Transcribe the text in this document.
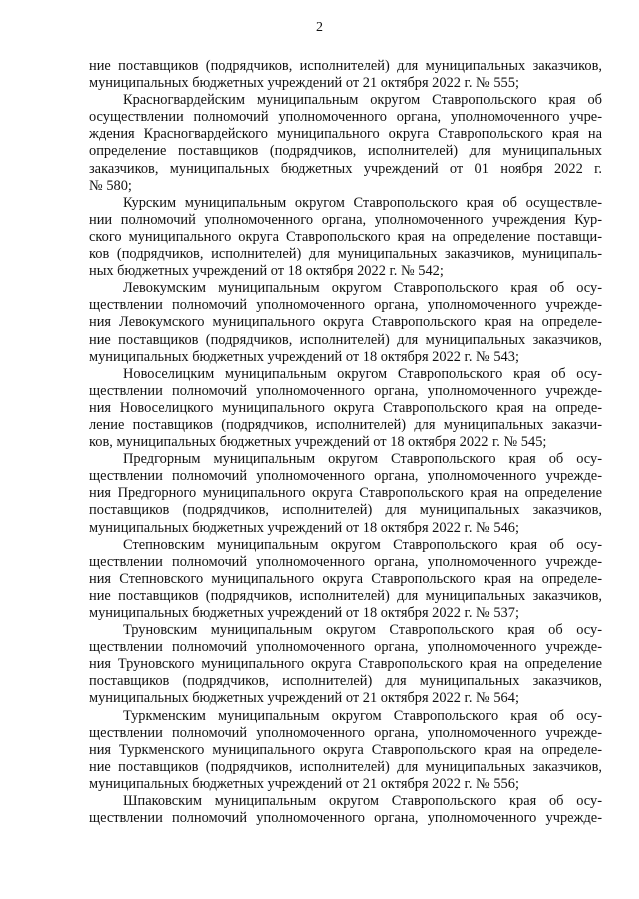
2
ние поставщиков (подрядчиков, исполнителей) для муниципальных заказчиков,
муниципальных бюджетных учреждений от 21 октября 2022 г. № 555;
Красногвардейским муниципальным округом Ставропольского края об
осуществлении полномочий уполномоченного органа, уполномоченного учре-
ждения Красногвардейского муниципального округа Ставропольского края на
определение поставщиков (подрядчиков, исполнителей) для муниципальных
заказчиков, муниципальных бюджетных учреждений от 01 ноября 2022 г.
№ 580;
Курским муниципальным округом Ставропольского края об осуществле-
нии полномочий уполномоченного органа, уполномоченного учреждения Кур-
ского муниципального округа Ставропольского края на определение поставщи-
ков (подрядчиков, исполнителей) для муниципальных заказчиков, муниципаль-
ных бюджетных учреждений от 18 октября 2022 г. № 542;
Левокумским муниципальным округом Ставропольского края об осу-
ществлении полномочий уполномоченного органа, уполномоченного учрежде-
ния Левокумского муниципального округа Ставропольского края на определе-
ние поставщиков (подрядчиков, исполнителей) для муниципальных заказчиков,
муниципальных бюджетных учреждений от 18 октября 2022 г. № 543;
Новоселицким муниципальным округом Ставропольского края об осу-
ществлении полномочий уполномоченного органа, уполномоченного учрежде-
ния Новоселицкого муниципального округа Ставропольского края на опреде-
ление поставщиков (подрядчиков, исполнителей) для муниципальных заказчи-
ков, муниципальных бюджетных учреждений от 18 октября 2022 г. № 545;
Предгорным муниципальным округом Ставропольского края об осу-
ществлении полномочий уполномоченного органа, уполномоченного учрежде-
ния Предгорного муниципального округа Ставропольского края на определение
поставщиков (подрядчиков, исполнителей) для муниципальных заказчиков,
муниципальных бюджетных учреждений от 18 октября 2022 г. № 546;
Степновским муниципальным округом Ставропольского края об осу-
ществлении полномочий уполномоченного органа, уполномоченного учрежде-
ния Степновского муниципального округа Ставропольского края на определе-
ние поставщиков (подрядчиков, исполнителей) для муниципальных заказчиков,
муниципальных бюджетных учреждений от 18 октября 2022 г. № 537;
Труновским муниципальным округом Ставропольского края об осу-
ществлении полномочий уполномоченного органа, уполномоченного учрежде-
ния Труновского муниципального округа Ставропольского края на определение
поставщиков (подрядчиков, исполнителей) для муниципальных заказчиков,
муниципальных бюджетных учреждений от 21 октября 2022 г. № 564;
Туркменским муниципальным округом Ставропольского края об осу-
ществлении полномочий уполномоченного органа, уполномоченного учрежде-
ния Туркменского муниципального округа Ставропольского края на определе-
ние поставщиков (подрядчиков, исполнителей) для муниципальных заказчиков,
муниципальных бюджетных учреждений от 21 октября 2022 г. № 556;
Шпаковским муниципальным округом Ставропольского края об осу-
ществлении полномочий уполномоченного органа, уполномоченного учрежде-
